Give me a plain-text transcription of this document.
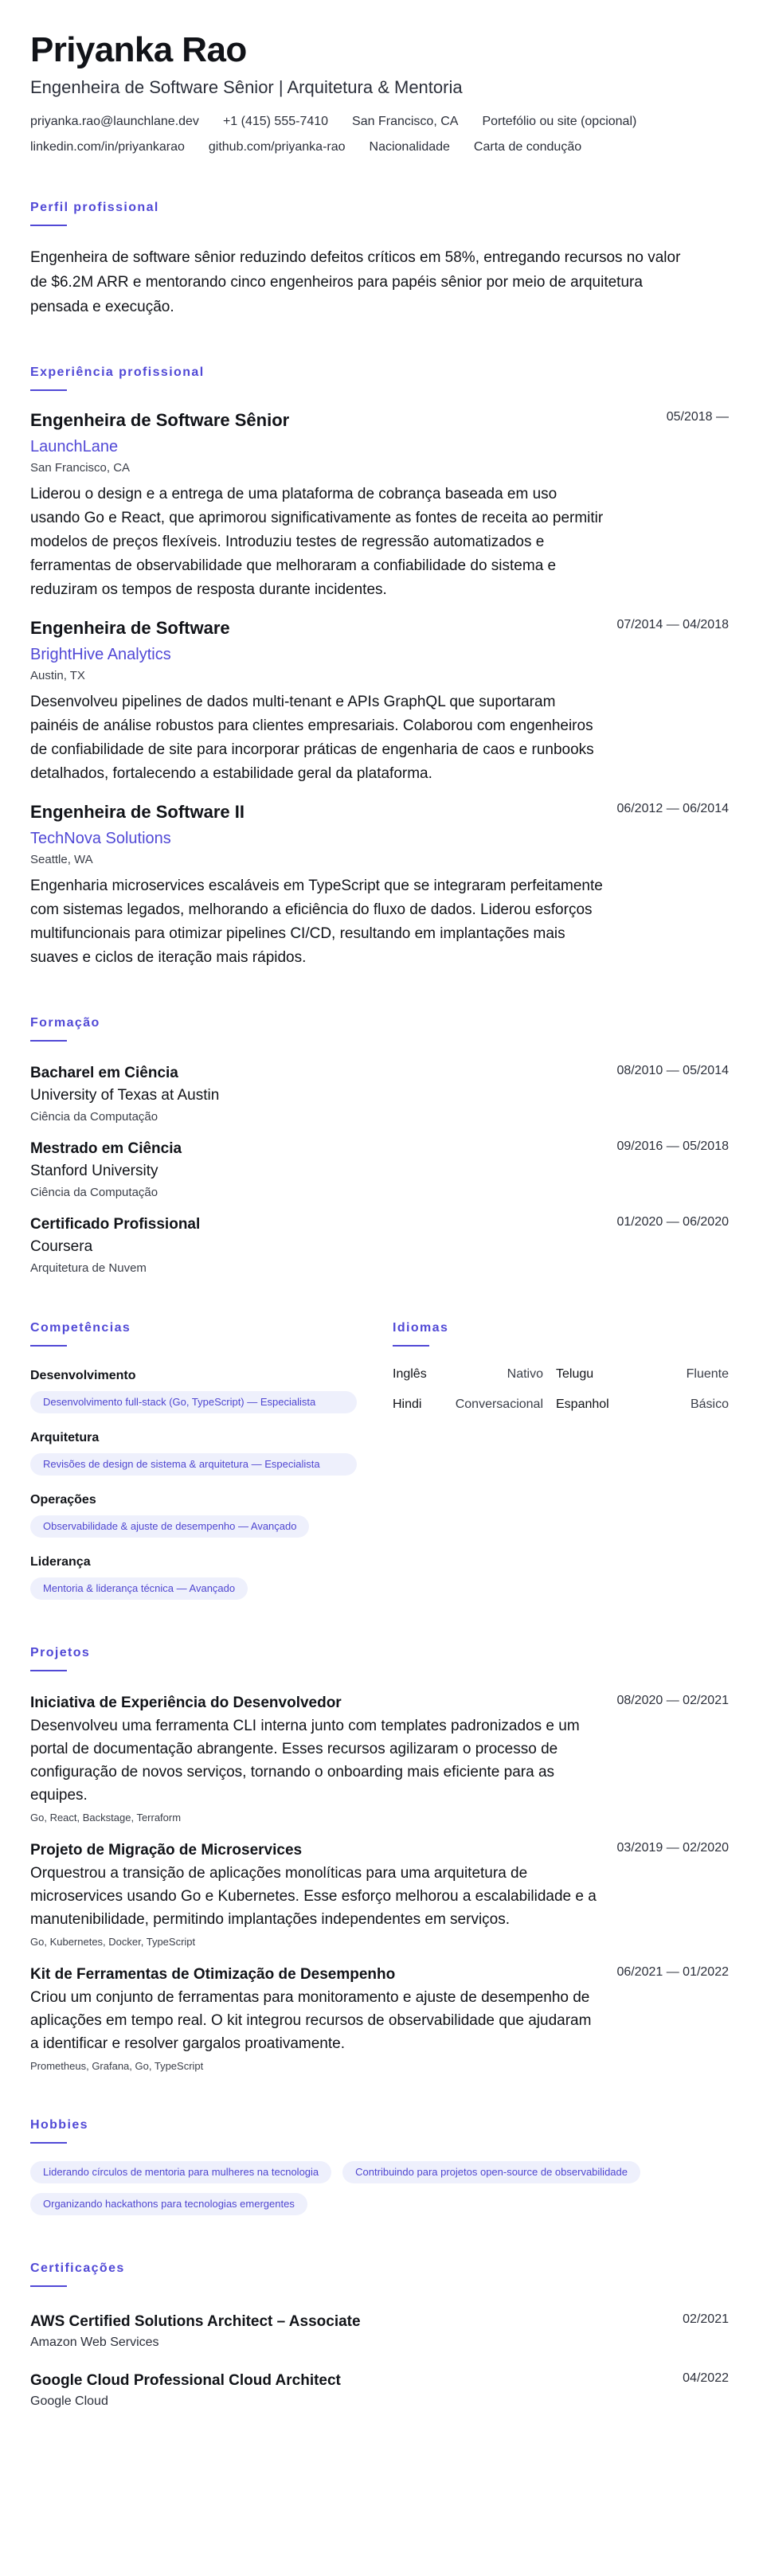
Priyanka Rao
Engenheira de Software Sênior | Arquitetura & Mentoria
priyanka.rao@launchlane.dev +1 (415) 555-7410 San Francisco, CA Portefólio ou site (opcional)
linkedin.com/in/priyankarao github.com/priyanka-rao Nacionalidade Carta de condução
Perfil profissional

Engenheira de software sênior reduzindo defeitos críticos em 58%, entregando recursos no valor de $6.2M ARR e mentorando cinco engenheiros para papéis sênior por meio de arquitetura pensada e execução.

Experiência profissional
Engenheira de Software Sênior	05/2018 —
LaunchLane
San Francisco, CA

Liderou o design e a entrega de uma plataforma de cobrança baseada em uso usando Go e React, que aprimorou significativamente as fontes de receita ao permitir modelos de preços flexíveis. Introduziu testes de regressão automatizados e ferramentas de observabilidade que melhoraram a confiabilidade do sistema e reduziram os tempos de resposta durante incidentes.

Engenheira de Software	07/2014 — 04/2018
BrightHive Analytics
Austin, TX

Desenvolveu pipelines de dados multi-tenant e APIs GraphQL que suportaram painéis de análise robustos para clientes empresariais. Colaborou com engenheiros de confiabilidade de site para incorporar práticas de engenharia de caos e runbooks detalhados, fortalecendo a estabilidade geral da plataforma.

Engenheira de Software II	06/2012 — 06/2014
TechNova Solutions
Seattle, WA

Engenharia microservices escaláveis em TypeScript que se integraram perfeitamente com sistemas legados, melhorando a eficiência do fluxo de dados. Liderou esforços multifuncionais para otimizar pipelines CI/CD, resultando em implantações mais suaves e ciclos de iteração mais rápidos.

Formação
Bacharel em Ciência	08/2010 — 05/2014
University of Texas at Austin
Ciência da Computação
Mestrado em Ciência	09/2016 — 05/2018
Stanford University
Ciência da Computação
Certificado Profissional	01/2020 — 06/2020
Coursera
Arquitetura de Nuvem
Competências
Desenvolvimento
Desenvolvimento full-stack (Go, TypeScript) — Especialista
Arquitetura
Revisões de design de sistema & arquitetura — Especialista
Operações
Observabilidade & ajuste de desempenho — Avançado
Liderança
Mentoria & liderança técnica — Avançado
Idiomas
Inglês	Nativo Telugu	Fluente
Hindi	Conversacional Espanhol	Básico
Projetos
Iniciativa de Experiência do Desenvolvedor	08/2020 — 02/2021

Desenvolveu uma ferramenta CLI interna junto com templates padronizados e um portal de documentação abrangente. Esses recursos agilizaram o processo de configuração de novos serviços, tornando o onboarding mais eficiente para as equipes.

Go, React, Backstage, Terraform
Projeto de Migração de Microservices	03/2019 — 02/2020

Orquestrou a transição de aplicações monolíticas para uma arquitetura de microservices usando Go e Kubernetes. Esse esforço melhorou a escalabilidade e a manutenibilidade, permitindo implantações independentes em serviços.

Go, Kubernetes, Docker, TypeScript
Kit de Ferramentas de Otimização de Desempenho	06/2021 — 01/2022

Criou um conjunto de ferramentas para monitoramento e ajuste de desempenho de aplicações em tempo real. O kit integrou recursos de observabilidade que ajudaram a identificar e resolver gargalos proativamente.

Prometheus, Grafana, Go, TypeScript
Hobbies
Liderando círculos de mentoria para mulheres na tecnologia	Contribuindo para projetos open-source de observabilidade
Organizando hackathons para tecnologias emergentes
Certificações
AWS Certified Solutions Architect – Associate	02/2021
Amazon Web Services
Google Cloud Professional Cloud Architect	04/2022
Google Cloud
